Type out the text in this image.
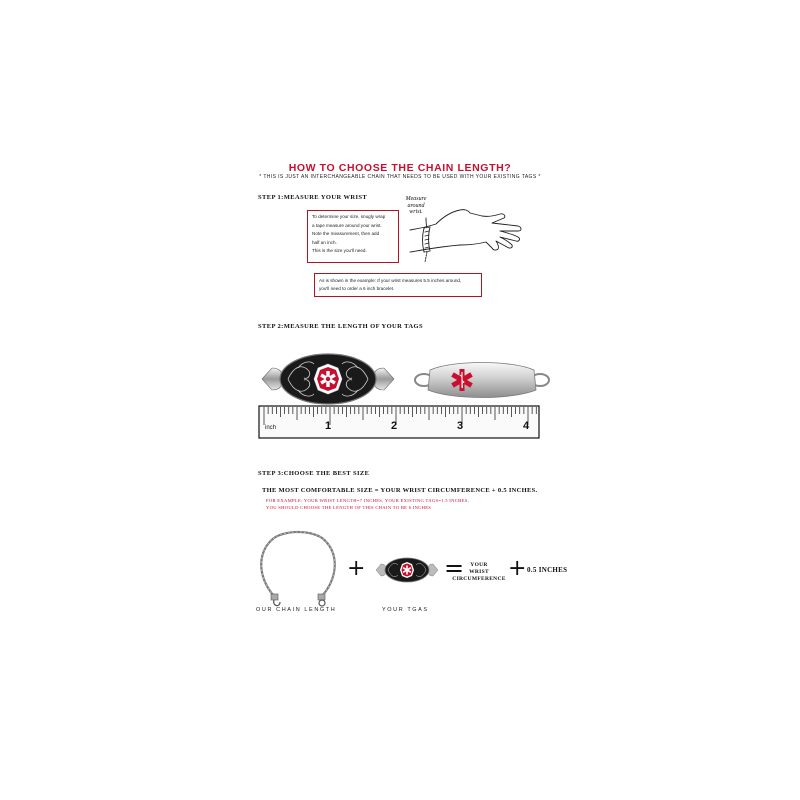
HOW TO CHOOSE THE CHAIN LENGTH?
* THIS IS JUST AN INTERCHANGEABLE CHAIN THAT NEEDS TO BE USED WITH YOUR EXISTING TAGS *
STEP 1:MEASURE YOUR WRIST
To determine your size, snugly wrap
a tape measure around your wrist.
Note the measurement, then add
half an inch.
This is the size you'll need.
Measure
around
wrist.
As is shown in the example: If your wrist measures 5.5 inches around,
you'll need to order a 6 inch bracelet.
STEP 2:MEASURE THE LENGTH OF YOUR TAGS
inch	1	2	3	4
STEP 3:CHOOSE THE BEST SIZE
THE MOST COMFORTABLE SIZE = YOUR WRIST CIRCUMFERENCE + 0.5 INCHES.
FOR EXAMPLE: YOUR WRIST LENGTH=7 INCHES, YOUR EXISTING TAGS=1.5 INCHES,
YOU SHOULD CHOOSE THE LENGTH OF THIS CHAIN TO BE 6 INCHES
+	=	YOUR
WRIST
CIRCUMFERENCE + 0.5 INCHES
OUR CHAIN LENGTH	YOUR TGAS
